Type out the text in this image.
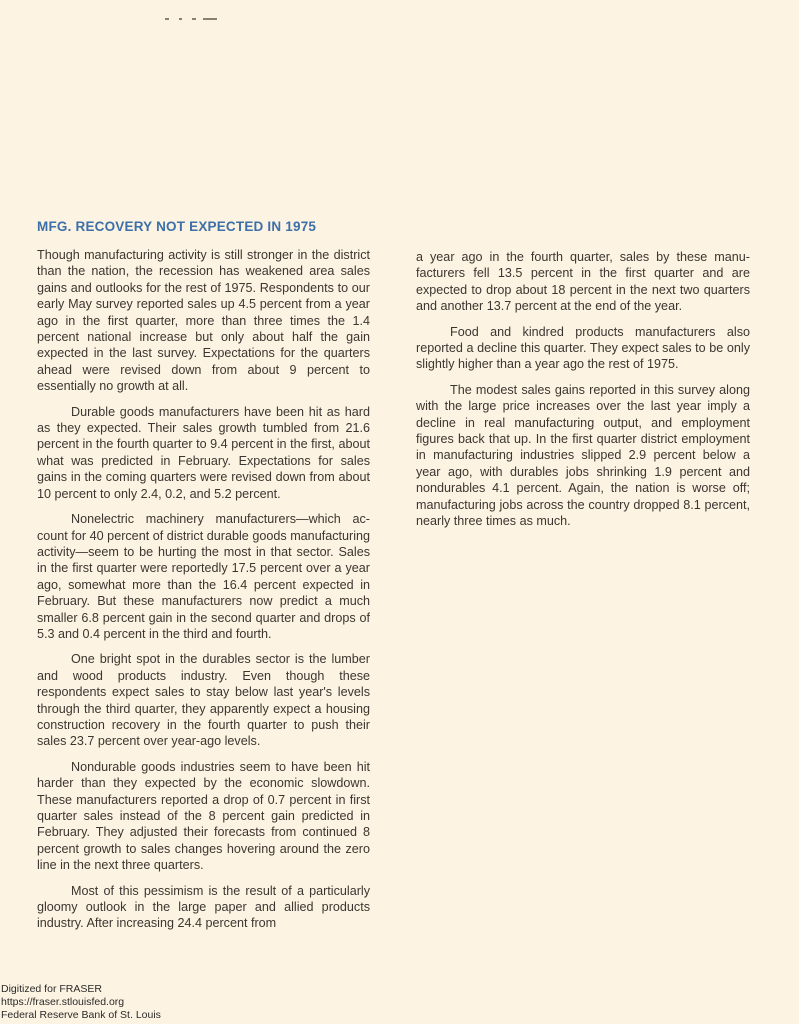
MFG. RECOVERY NOT EXPECTED IN 1975

Though manufacturing activity is still stronger in the district than the nation, the recession has weakened area sales gains and outlooks for the rest of 1975. Respondents to our early May survey reported sales up 4.5 percent from a year ago in the first quarter, more than three times the 1.4 percent national increase but only about half the gain expected in the last survey. Expectations for the quarters ahead were revised down from about 9 percent to essentially no growth at all.

Durable goods manufacturers have been hit as hard as they expected. Their sales growth tumbled from 21.6 percent in the fourth quarter to 9.4 percent in the first, about what was predicted in February. Expectations for sales gains in the coming quarters were revised down from about 10 percent to only 2.4, 0.2, and 5.2 percent.

Nonelectric machinery manufacturers—which account for 40 percent of district durable goods manufacturing activity—seem to be hurting the most in that sector. Sales in the first quarter were reportedly 17.5 percent over a year ago, somewhat more than the 16.4 percent expected in February. But these manufacturers now predict a much smaller 6.8 percent gain in the second quarter and drops of 5.3 and 0.4 percent in the third and fourth.

One bright spot in the durables sector is the lumber and wood products industry. Even though these respondents expect sales to stay below last year's levels through the third quarter, they apparently expect a housing construction recovery in the fourth quarter to push their sales 23.7 percent over year-ago levels.

Nondurable goods industries seem to have been hit harder than they expected by the economic slowdown. These manufacturers reported a drop of 0.7 percent in first quarter sales instead of the 8 percent gain predicted in February. They adjusted their forecasts from continued 8 percent growth to sales changes hovering around the zero line in the next three quarters.

Most of this pessimism is the result of a particularly gloomy outlook in the large paper and allied products industry. After increasing 24.4 percent from

a year ago in the fourth quarter, sales by these manufacturers fell 13.5 percent in the first quarter and are expected to drop about 18 percent in the next two quarters and another 13.7 percent at the end of the year.

Food and kindred products manufacturers also reported a decline this quarter. They expect sales to be only slightly higher than a year ago the rest of 1975.

The modest sales gains reported in this survey along with the large price increases over the last year imply a decline in real manufacturing output, and employment figures back that up. In the first quarter district employment in manufacturing industries slipped 2.9 percent below a year ago, with durables jobs shrinking 1.9 percent and nondurables 4.1 percent. Again, the nation is worse off; manufacturing jobs across the country dropped 8.1 percent, nearly three times as much.

Digitized for FRASER
https://fraser.stlouisfed.org
Federal Reserve Bank of St. Louis
